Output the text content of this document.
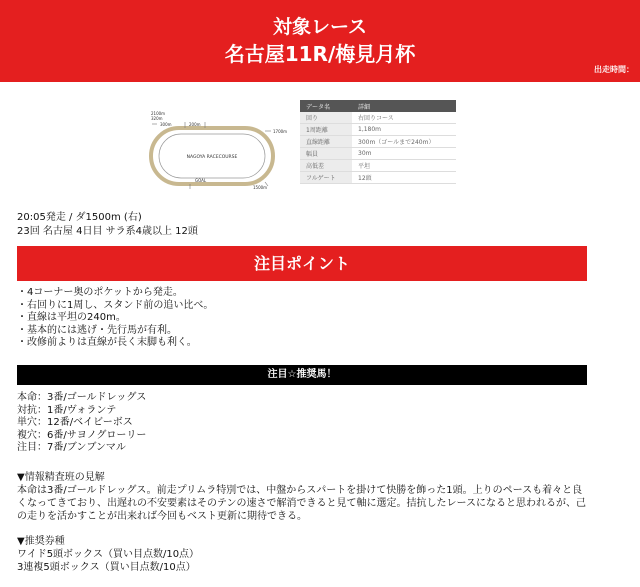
対象レース
名古屋11R/梅見月杯
出走時間：
NAGOYA RACECOURSE
2100m
320m
300m	200m
1700m
GOAL
1500m
データ名	詳細
回り	右回りコース
1周距離	1,180m
直線距離	300m（ゴールまで240m）
幅員	30m
高低差	平坦
フルゲート	12頭
20:05発走 / ダ1500m (右)
23回 名古屋 4日目 サラ系4歳以上 12頭
注目ポイント
・4コーナー奥のポケットから発走。
・右回りに1周し、スタンド前の追い比べ。
・直線は平坦の240m。
・基本的には逃げ・先行馬が有利。
・改修前よりは直線が長く末脚も利く。
注目☆推奨馬！
本命：3番/ゴールドレッグス
対抗：1番/ヴォランテ
単穴：12番/ベイビーボス
複穴：6番/サヨノグローリー
注目：7番/ブンブンマル
▼情報精査班の見解
本命は3番/ゴールドレッグス。前走プリムラ特別では、中盤からスパートを掛けて快勝を飾った1頭。上りのペースも着々と良くなってきており、出遅れの不安要素はそのテンの速さで解消できると見て軸に選定。拮抗したレースになると思われるが、己の走りを活かすことが出来れば今回もベスト更新に期待できる。
▼推奨券種
ワイド5頭ボックス（買い目点数/10点）
3連複5頭ボックス（買い目点数/10点）
